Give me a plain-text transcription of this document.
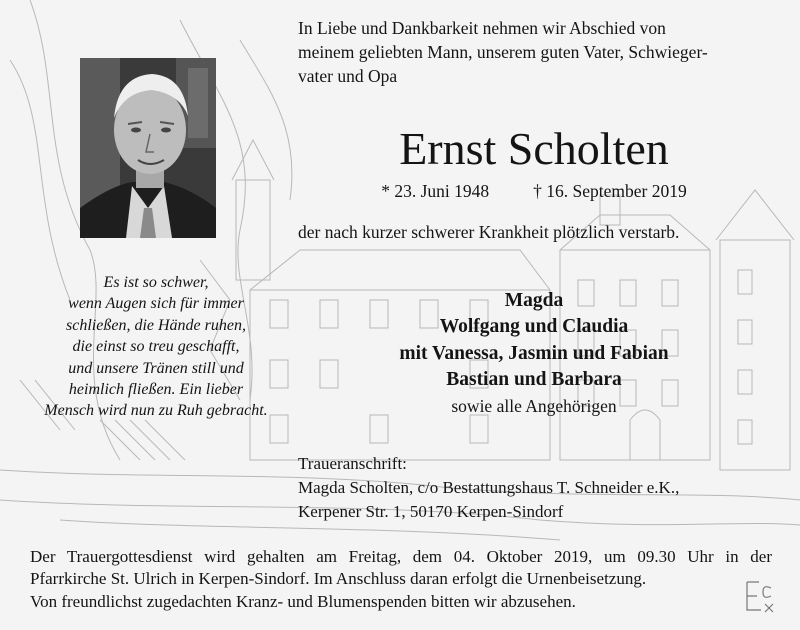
In Liebe und Dankbarkeit nehmen wir Abschied von
meinem geliebten Mann, unserem guten Vater, Schwieger-
vater und Opa
Ernst Scholten
* 23. Juni 1948	† 16. September 2019
der nach kurzer schwerer Krankheit plötzlich verstarb.
Es ist so schwer,
wenn Augen sich für immer
schließen, die Hände ruhen,
die einst so treu geschafft,
und unsere Tränen still und
heimlich fließen. Ein lieber
Mensch wird nun zu Ruh gebracht.
Magda
Wolfgang und Claudia
mit Vanessa, Jasmin und Fabian
Bastian und Barbara
sowie alle Angehörigen
Traueranschrift:
Magda Scholten, c/o Bestattungshaus T. Schneider e.K.,
Kerpener Str. 1, 50170 Kerpen-Sindorf
Der Trauergottesdienst wird gehalten am Freitag, dem 04. Oktober 2019, um 09.30 Uhr in der
Pfarrkirche St. Ulrich in Kerpen-Sindorf. Im Anschluss daran erfolgt die Urnenbeisetzung.
Von freundlichst zugedachten Kranz- und Blumenspenden bitten wir abzusehen.
